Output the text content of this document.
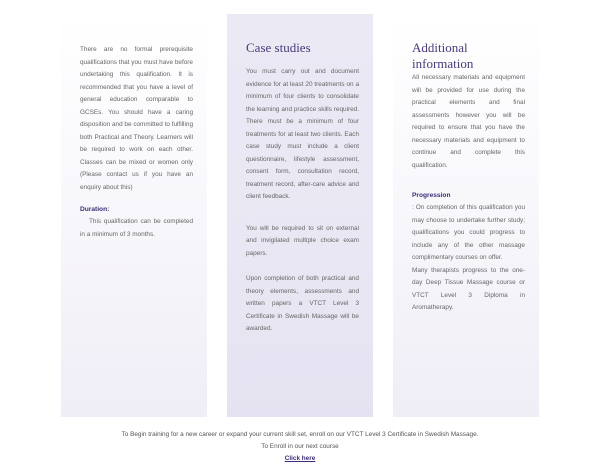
There are no formal prerequisite qualifications that you must have before undertaking this qualification. It is recommended that you have a level of general education comparable to GCSEs. You should have a caring disposition and be committed to fulfilling both Practical and Theory. Learners will be required to work on each other. Classes can be mixed or women only (Please contact us if you have an enquiry about this)

Duration:

This qualification can be completed in a minimum of 3 months.

Case studies

You must carry out and document evidence for at least 20 treatments on a minimum of four clients to consolidate the learning and practice skills required. There must be a minimum of four treatments for at least two clients. Each case study must include a client questionnaire, lifestyle assessment, consent form, consultation record, treatment record, after-care advice and client feedback.

You will be required to sit on external and invigilated multiple choice exam papers.

Upon completion of both practical and theory elements, assessments and written papers a VTCT Level 3 Certificate in Swedish Massage will be awarded.

Additional information

All necessary materials and equipment will be provided for use during the practical elements and final assessments however you will be required to ensure that you have the necessary materials and equipment to continue and complete this qualification.

Progression

: On completion of this qualification you may choose to undertake further study; qualifications you could progress to include any of the other massage complimentary courses on offer.

Many therapists progress to the one-day Deep Tissue Massage course or VTCT Level 3 Diploma in Aromatherapy.

To Begin training for a new career or expand your current skill set, enroll on our VTCT Level 3 Certificate in Swedish Massage.
To Enroll in our next course
Click here
